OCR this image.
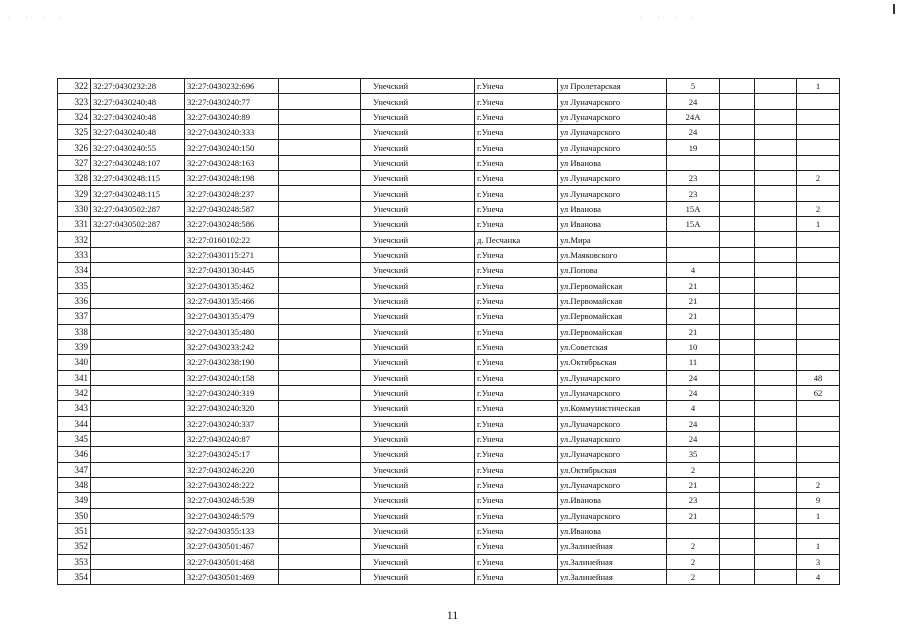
· · · ·	· · · ·
322	32:27:0430232:28	32:27:0430232:696		Унечский	г.Унеча	ул Пролетарская	5			1
323	32:27:0430240:48	32:27:0430240:77		Унечский	г.Унеча	ул Луначарского	24			
324	32:27:0430240:48	32:27:0430240:89		Унечский	г.Унеча	ул Луначарского	24А			
325	32:27:0430240:48	32:27:0430240:333		Унечский	г.Унеча	ул Луначарского	24			
326	32:27:0430240:55	32:27:0430240:150		Унечский	г.Унеча	ул Луначарского	19			
327	32:27:0430248:107	32:27:0430248:163		Унечский	г.Унеча	ул Иванова				
328	32:27:0430248:115	32:27:0430248:198		Унечский	г.Унеча	ул Луначарского	23			2
329	32:27:0430248:115	32:27:0430248:237		Унечский	г.Унеча	ул Луначарского	23			
330	32:27:0430502:287	32:27:0430248:587		Унечский	г.Унеча	ул Иванова	15А			2
331	32:27:0430502:287	32:27:0430248:586		Унечский	г.Унеча	ул Иванова	15А			1
332		32:27:0160102:22		Унечский	д. Песчанка	ул.Мира				
333		32:27:0430115:271		Унечский	г.Унеча	ул.Маяковского				
334		32:27:0430130:445		Унечский	г.Унеча	ул.Попова	4			
335		32:27:0430135:462		Унечский	г.Унеча	ул.Первомайская	21			
336		32:27:0430135:466		Унечский	г.Унеча	ул.Первомайская	21			
337		32:27:0430135:479		Унечский	г.Унеча	ул.Первомайская	21			
338		32:27:0430135:480		Унечский	г.Унеча	ул.Первомайская	21			
339		32:27:0430233:242		Унечский	г.Унеча	ул.Советская	10			
340		32:27:0430238:190		Унечский	г.Унеча	ул.Октябрьская	11			
341		32:27:0430240:158		Унечский	г.Унеча	ул.Луначарского	24			48
342		32:27:0430240:319		Унечский	г.Унеча	ул.Луначарского	24			62
343		32:27:0430240:320		Унечский	г.Унеча	ул.Коммунистическая	4			
344		32:27:0430240:337		Унечский	г.Унеча	ул.Луначарского	24			
345		32:27:0430240:87		Унечский	г.Унеча	ул.Луначарского	24			
346		32:27:0430245:17		Унечский	г.Унеча	ул.Луначарского	35			
347		32:27:0430246:220		Унечский	г.Унеча	ул.Октябрьская	2			
348		32:27:0430248:222		Унечский	г.Унеча	ул.Луначарского	21			2
349		32:27:0430248:539		Унечский	г.Унеча	ул.Иванова	23			9
350		32:27:0430248:579		Унечский	г.Унеча	ул.Луначарского	21			1
351		32:27:0430355:133		Унечский	г.Унеча	ул.Иванова				
352		32:27:0430501:467		Унечский	г.Унеча	ул.Залинейная	2			1
353		32:27:0430501:468		Унечский	г.Унеча	ул.Залинейная	2			3
354		32:27:0430501:469		Унечский	г.Унеча	ул.Залинейная	2			4
11
